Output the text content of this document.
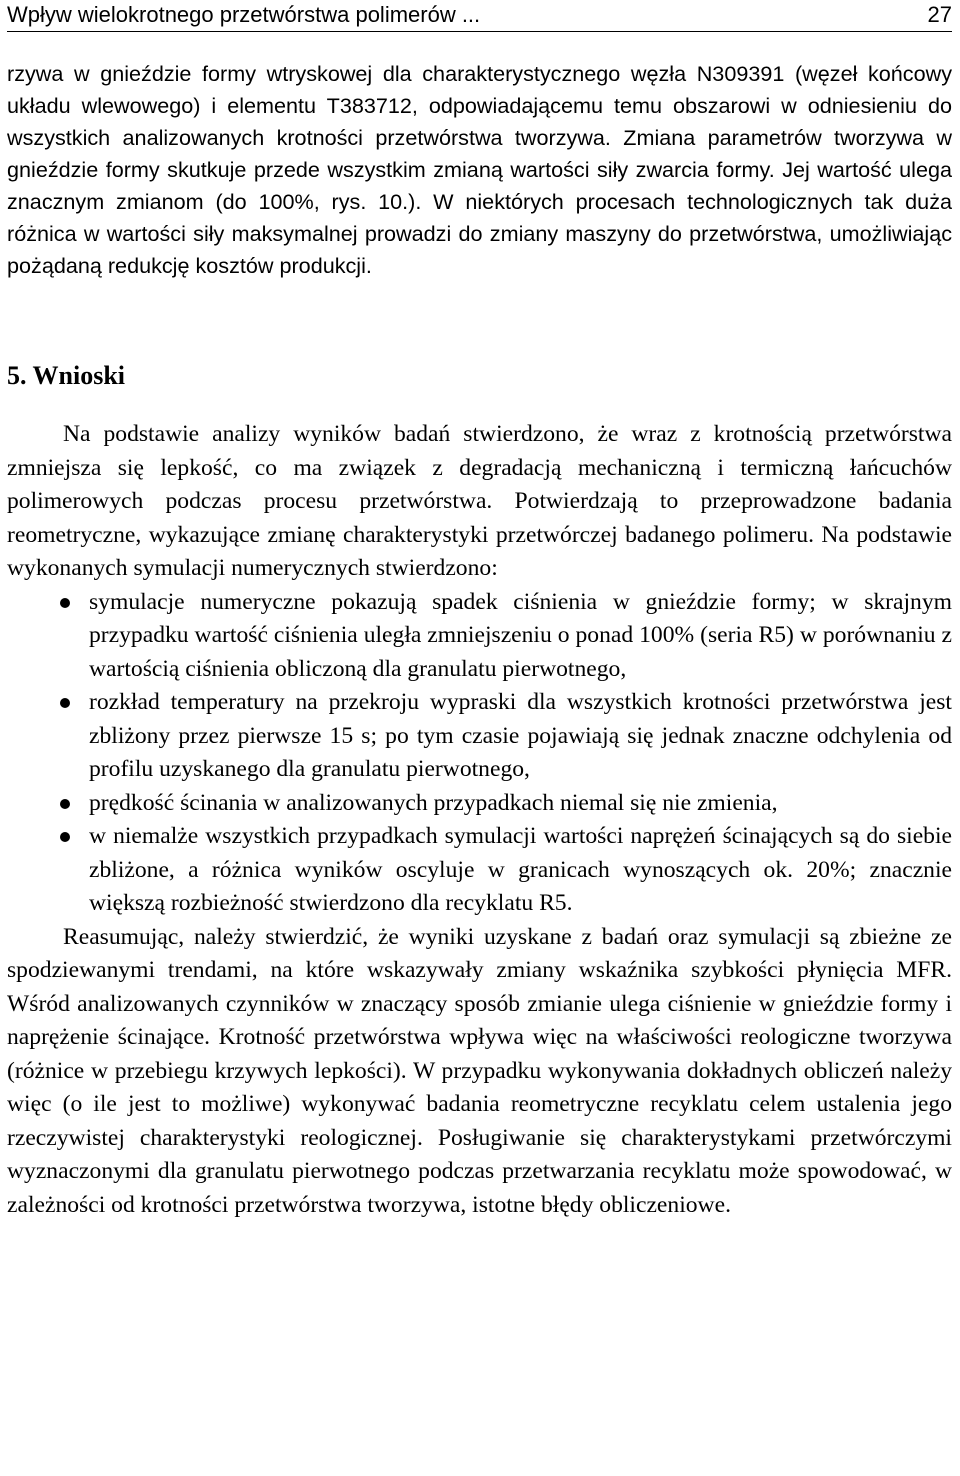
Wpływ wielokrotnego przetwórstwa polimerów ...	27

rzywa w gnieździe formy wtryskowej dla charakterystycznego węzła N309391 (węzeł końcowy układu wlewowego) i elementu T383712, odpowiadającemu temu obszarowi w odniesieniu do wszystkich analizowanych krotności przetwórstwa tworzywa. Zmiana parametrów tworzywa w gnieździe formy skutkuje przede wszystkim zmianą wartości siły zwarcia formy. Jej wartość ulega znacznym zmianom (do 100%, rys. 10.). W niektórych procesach technologicznych tak duża różnica w wartości siły maksymalnej prowadzi do zmiany maszyny do przetwórstwa, umożliwiając pożądaną redukcję kosztów produkcji.

5. Wnioski

Na podstawie analizy wyników badań stwierdzono, że wraz z krotnością przetwórstwa zmniejsza się lepkość, co ma związek z degradacją mechaniczną i termiczną łańcuchów polimerowych podczas procesu przetwórstwa. Potwierdzają to przeprowadzone badania reometryczne, wykazujące zmianę charakterystyki przetwórczej badanego polimeru. Na podstawie wykonanych symulacji numerycznych stwierdzono:

symulacje numeryczne pokazują spadek ciśnienia w gnieździe formy; w skrajnym przypadku wartość ciśnienia uległa zmniejszeniu o ponad 100% (seria R5) w porównaniu z wartością ciśnienia obliczoną dla granulatu pierwotnego,
rozkład temperatury na przekroju wypraski dla wszystkich krotności przetwórstwa jest zbliżony przez pierwsze 15 s; po tym czasie pojawiają się jednak znaczne odchylenia od profilu uzyskanego dla granulatu pierwotnego,
prędkość ścinania w analizowanych przypadkach niemal się nie zmienia,
w niemalże wszystkich przypadkach symulacji wartości naprężeń ścinających są do siebie zbliżone, a różnica wyników oscyluje w granicach wynoszących ok. 20%; znacznie większą rozbieżność stwierdzono dla recyklatu R5.

Reasumując, należy stwierdzić, że wyniki uzyskane z badań oraz symulacji są zbieżne ze spodziewanymi trendami, na które wskazywały zmiany wskaźnika szybkości płynięcia MFR. Wśród analizowanych czynników w znaczący sposób zmianie ulega ciśnienie w gnieździe formy i naprężenie ścinające. Krotność przetwórstwa wpływa więc na właściwości reologiczne tworzywa (różnice w przebiegu krzywych lepkości). W przypadku wykonywania dokładnych obliczeń należy więc (o ile jest to możliwe) wykonywać badania reometryczne recyklatu celem ustalenia jego rzeczywistej charakterystyki reologicznej. Posługiwanie się charakterystykami przetwórczymi wyznaczonymi dla granulatu pierwotnego podczas przetwarzania recyklatu może spowodować, w zależności od krotności przetwórstwa tworzywa, istotne błędy obliczeniowe.
